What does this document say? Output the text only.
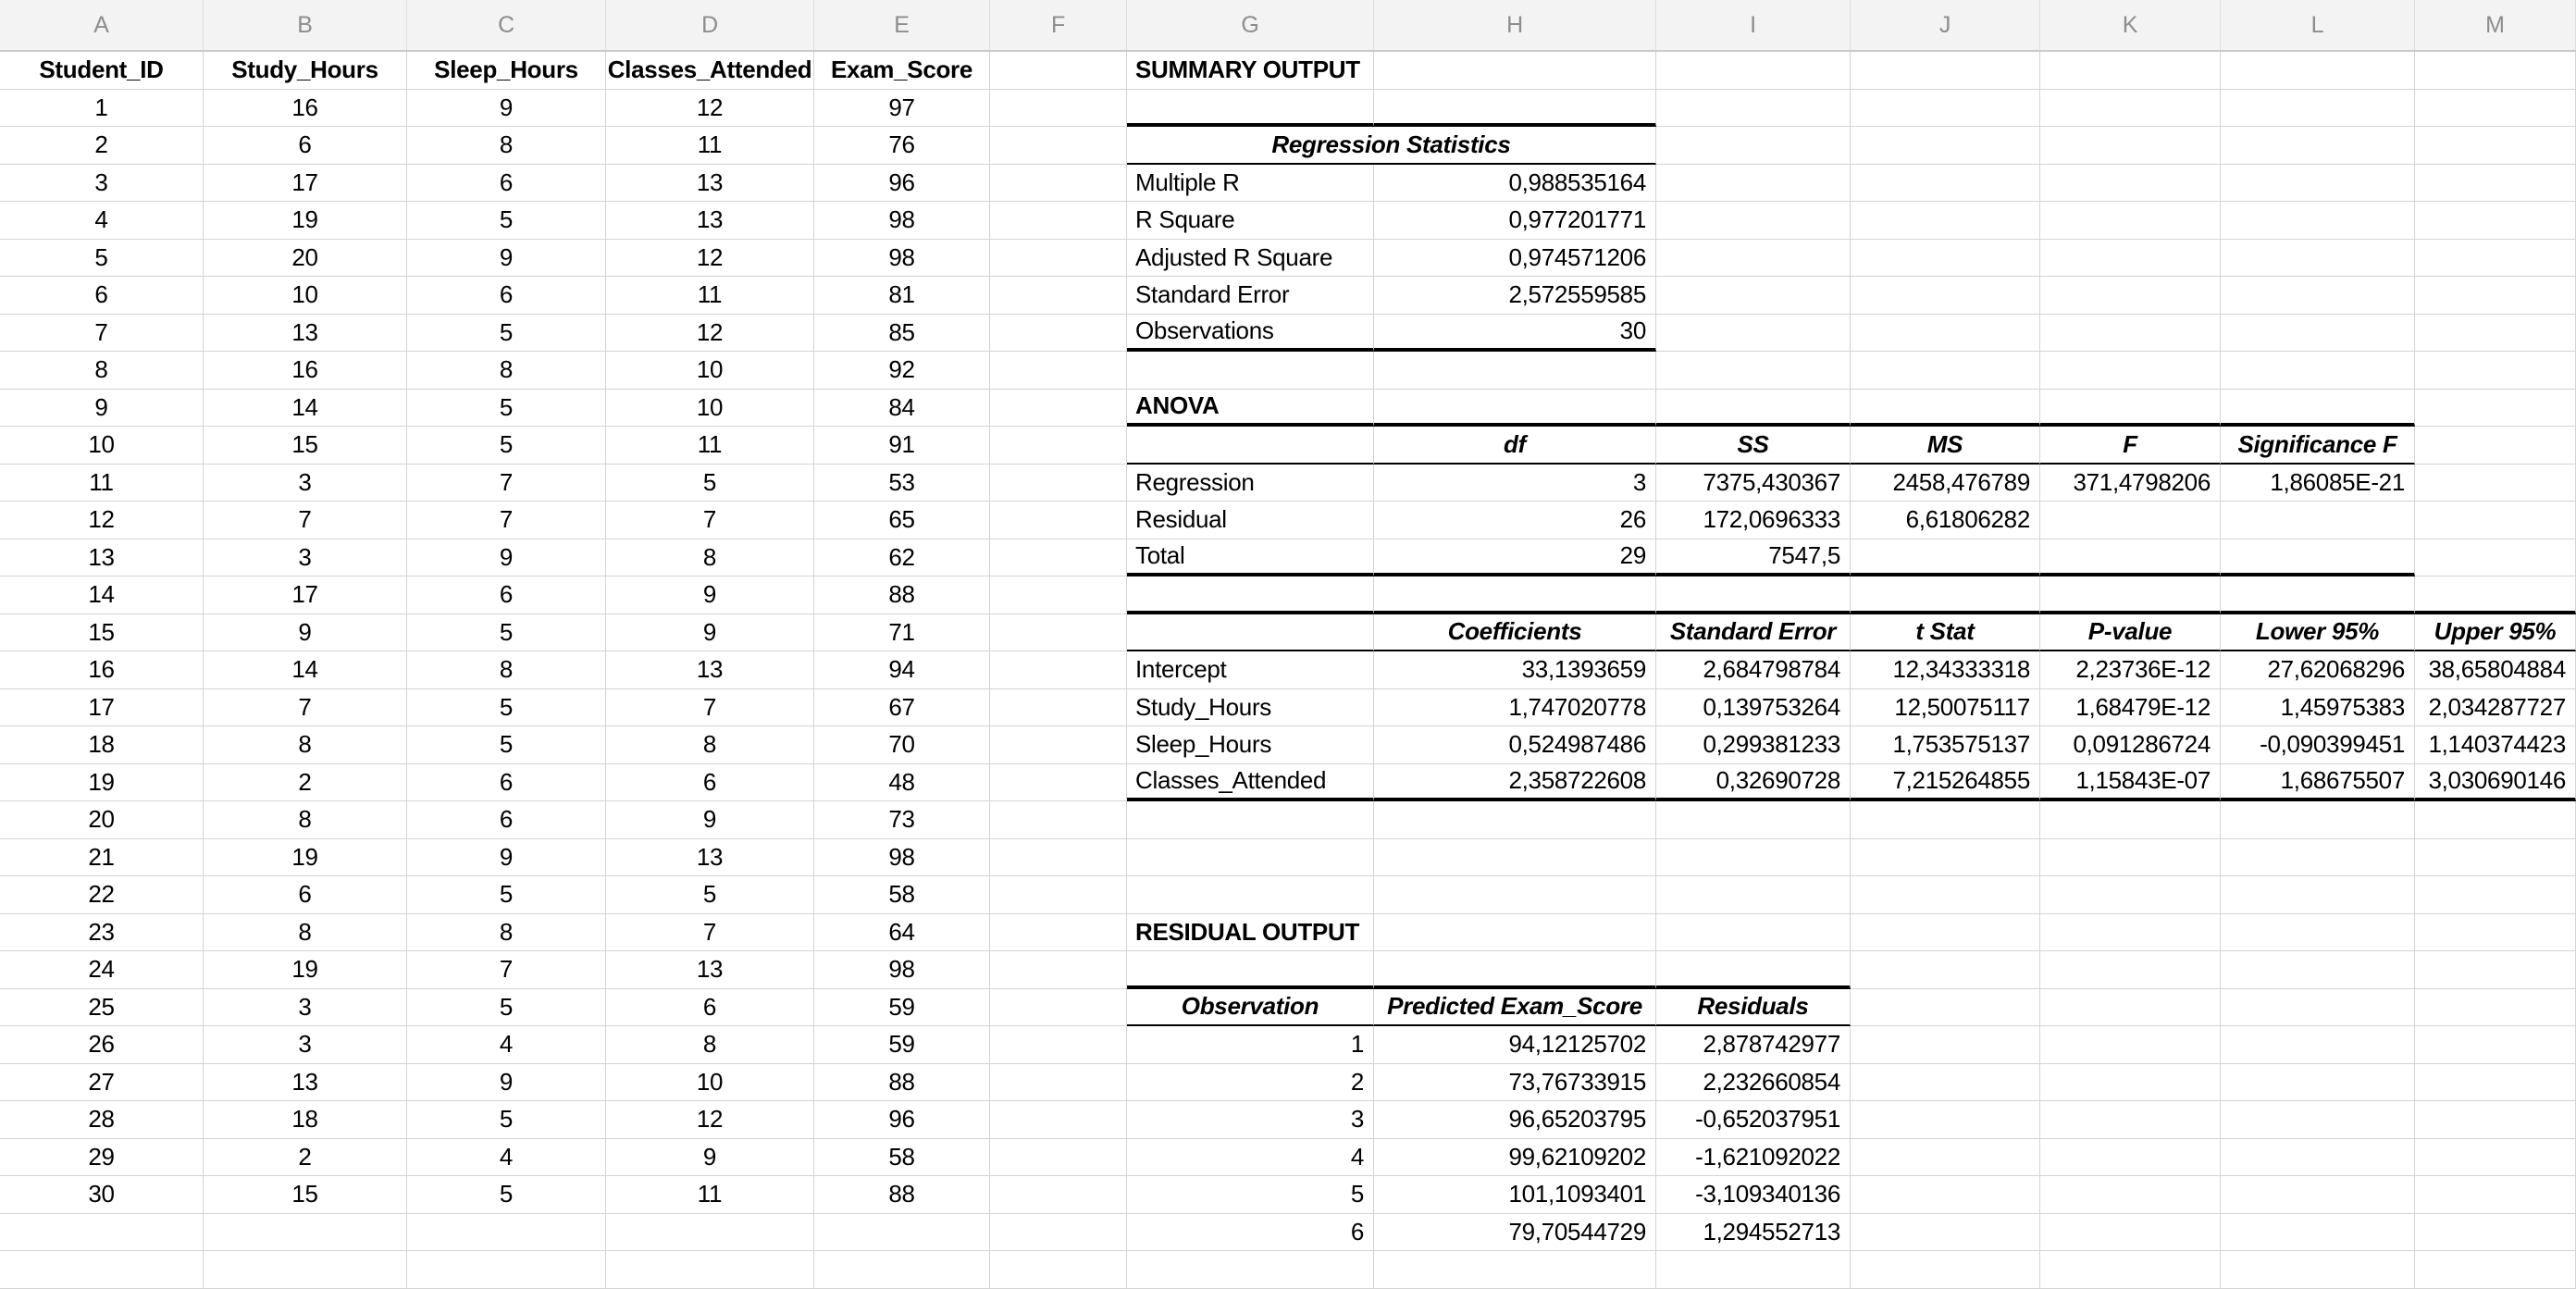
A	B	C	D	E	F	G	H	I	J	K	L	M
Student_ID	Study_Hours	Sleep_Hours	Classes_Attended Exam_Score	SUMMARY OUTPUT
1	16	9	12	97
2	6	8	11	76	Regression Statistics
3	17	6	13	96	Multiple R	0,988535164
4	19	5	13	98	R Square	0,977201771
5	20	9	12	98	Adjusted R Square	0,974571206
6	10	6	11	81	Standard Error	2,572559585
7	13	5	12	85	Observations	30
8	16	8	10	92
9	14	5	10	84	ANOVA
10	15	5	11	91	df	SS	MS	F	Significance F
11	3	7	5	53	Regression	3	7375,430367	2458,476789	371,4798206	1,86085E-21
12	7	7	7	65	Residual	26	172,0696333	6,61806282
13	3	9	8	62	Total	29	7547,5
14	17	6	9	88
15	9	5	9	71	Coefficients	Standard Error	t Stat	P-value	Lower 95%	Upper 95%
16	14	8	13	94	Intercept	33,1393659	2,684798784	12,34333318	2,23736E-12	27,62068296 38,65804884
17	7	5	7	67	Study_Hours	1,747020778	0,139753264	12,50075117	1,68479E-12	1,45975383 2,034287727
18	8	5	8	70	Sleep_Hours	0,524987486	0,299381233	1,753575137	0,091286724	-0,090399451 1,140374423
19	2	6	6	48	Classes_Attended	2,358722608	0,32690728	7,215264855	1,15843E-07	1,68675507 3,030690146
20	8	6	9	73
21	19	9	13	98
22	6	5	5	58
23	8	8	7	64	RESIDUAL OUTPUT
24	19	7	13	98
25	3	5	6	59	Observation	Predicted Exam_Score	Residuals
26	3	4	8	59	1	94,12125702	2,878742977
27	13	9	10	88	2	73,76733915	2,232660854
28	18	5	12	96	3	96,65203795	-0,652037951
29	2	4	9	58	4	99,62109202	-1,621092022
30	15	5	11	88	5	101,1093401	-3,109340136
6	79,70544729	1,294552713
